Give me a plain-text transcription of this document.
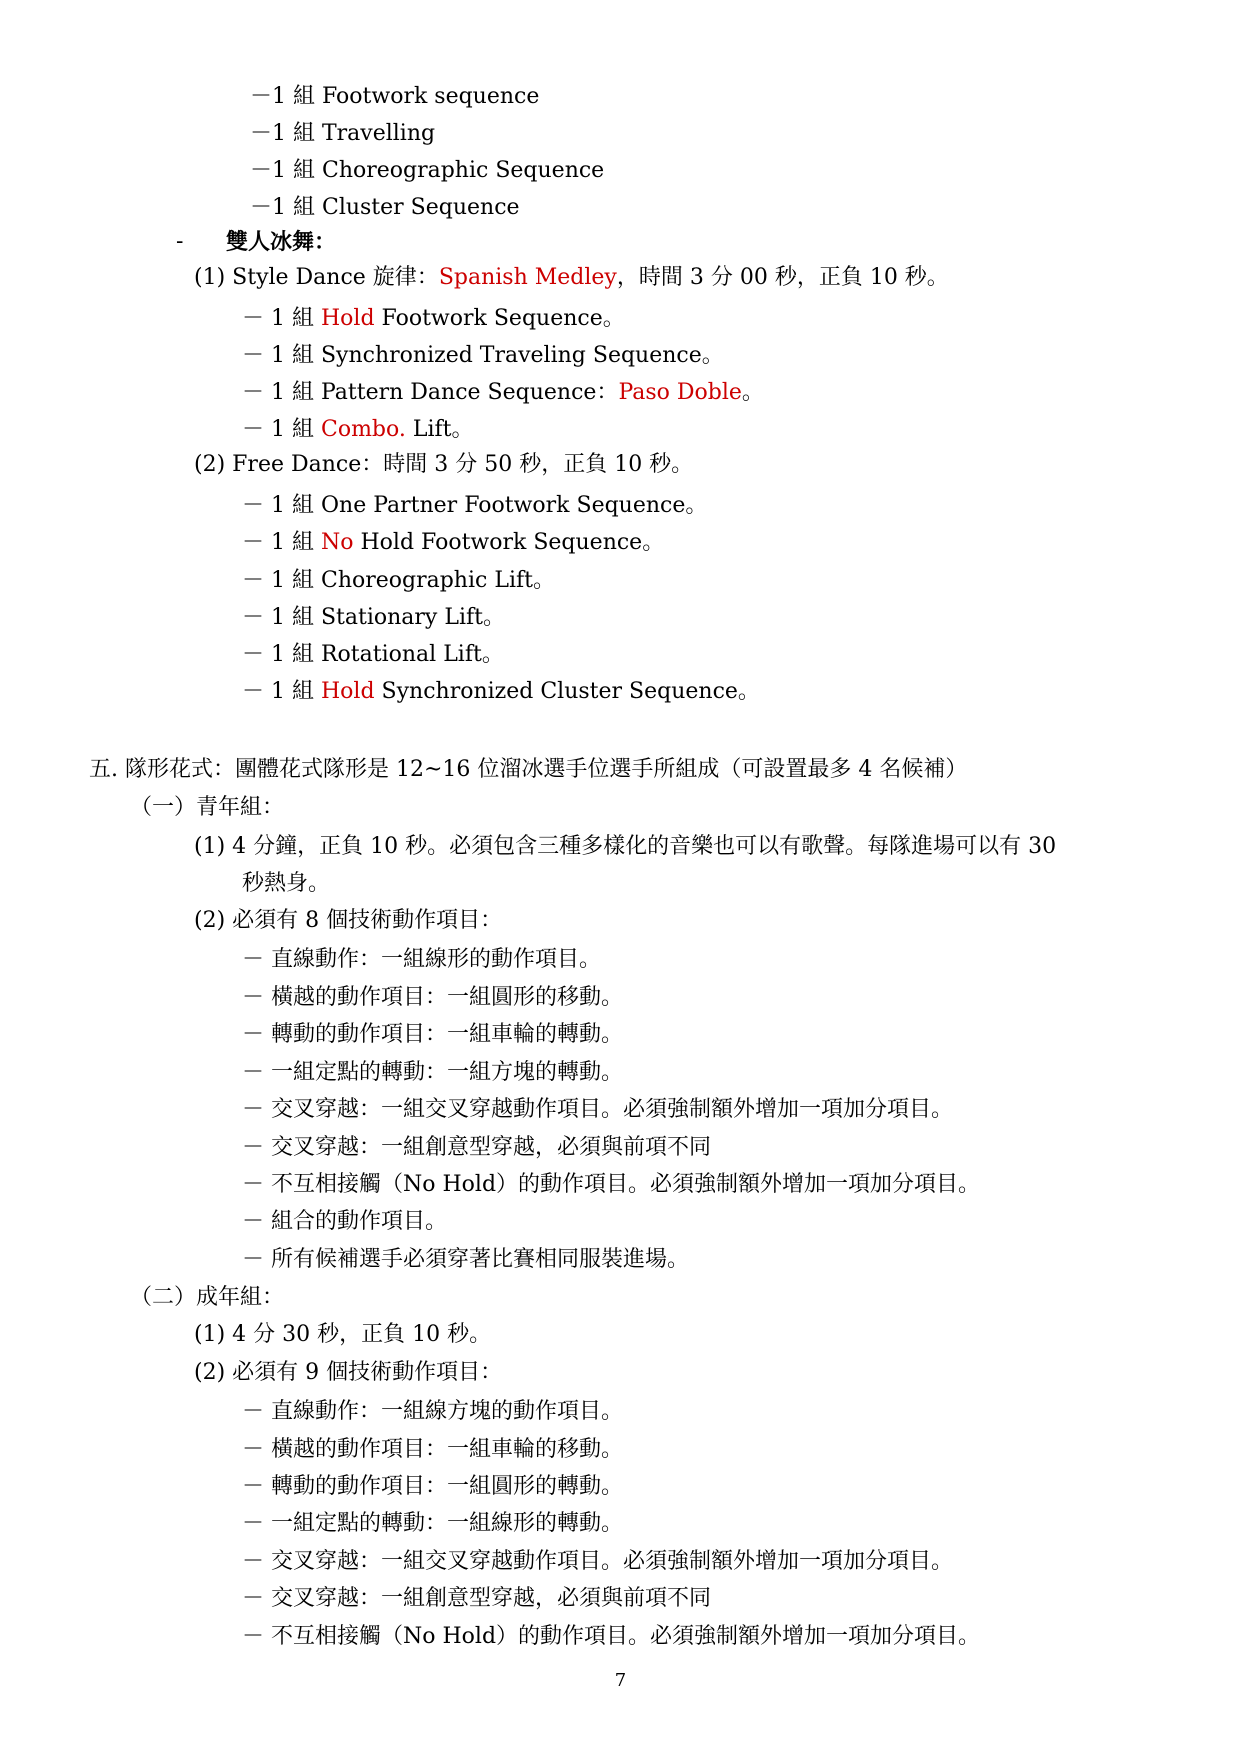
－1 組 Footwork sequence
－1 組 Travelling
－1 組 Choreographic Sequence
－1 組 Cluster Sequence
- 雙人冰舞：
(1) Style Dance 旋律：Spanish Medley，時間 3 分 00 秒，正負 10 秒。
－ 1 組 Hold Footwork Sequence。
－ 1 組 Synchronized Traveling Sequence。
－ 1 組 Pattern Dance Sequence：Paso Doble。
－ 1 組 Combo. Lift。
(2) Free Dance：時間 3 分 50 秒，正負 10 秒。
－ 1 組 One Partner Footwork Sequence。
－ 1 組 No Hold Footwork Sequence。
－ 1 組 Choreographic Lift。
－ 1 組 Stationary Lift。
－ 1 組 Rotational Lift。
－ 1 組 Hold Synchronized Cluster Sequence。
五. 隊形花式：團體花式隊形是 12~16 位溜冰選手位選手所組成（可設置最多 4 名候補）
（一）青年組：
(1) 4 分鐘，正負 10 秒。必須包含三種多樣化的音樂也可以有歌聲。每隊進場可以有 30
秒熱身。
(2) 必須有 8 個技術動作項目：
－ 直線動作：一組線形的動作項目。
－ 橫越的動作項目：一組圓形的移動。
－ 轉動的動作項目：一組車輪的轉動。
－ 一組定點的轉動：一組方塊的轉動。
－ 交叉穿越：一組交叉穿越動作項目。必須強制額外增加一項加分項目。
－ 交叉穿越：一組創意型穿越，必須與前項不同
－ 不互相接觸（No Hold）的動作項目。必須強制額外增加一項加分項目。
－ 組合的動作項目。
－ 所有候補選手必須穿著比賽相同服裝進場。
（二）成年組：
(1) 4 分 30 秒，正負 10 秒。
(2) 必須有 9 個技術動作項目：
－ 直線動作：一組線方塊的動作項目。
－ 橫越的動作項目：一組車輪的移動。
－ 轉動的動作項目：一組圓形的轉動。
－ 一組定點的轉動：一組線形的轉動。
－ 交叉穿越：一組交叉穿越動作項目。必須強制額外增加一項加分項目。
－ 交叉穿越：一組創意型穿越，必須與前項不同
－ 不互相接觸（No Hold）的動作項目。必須強制額外增加一項加分項目。
7
